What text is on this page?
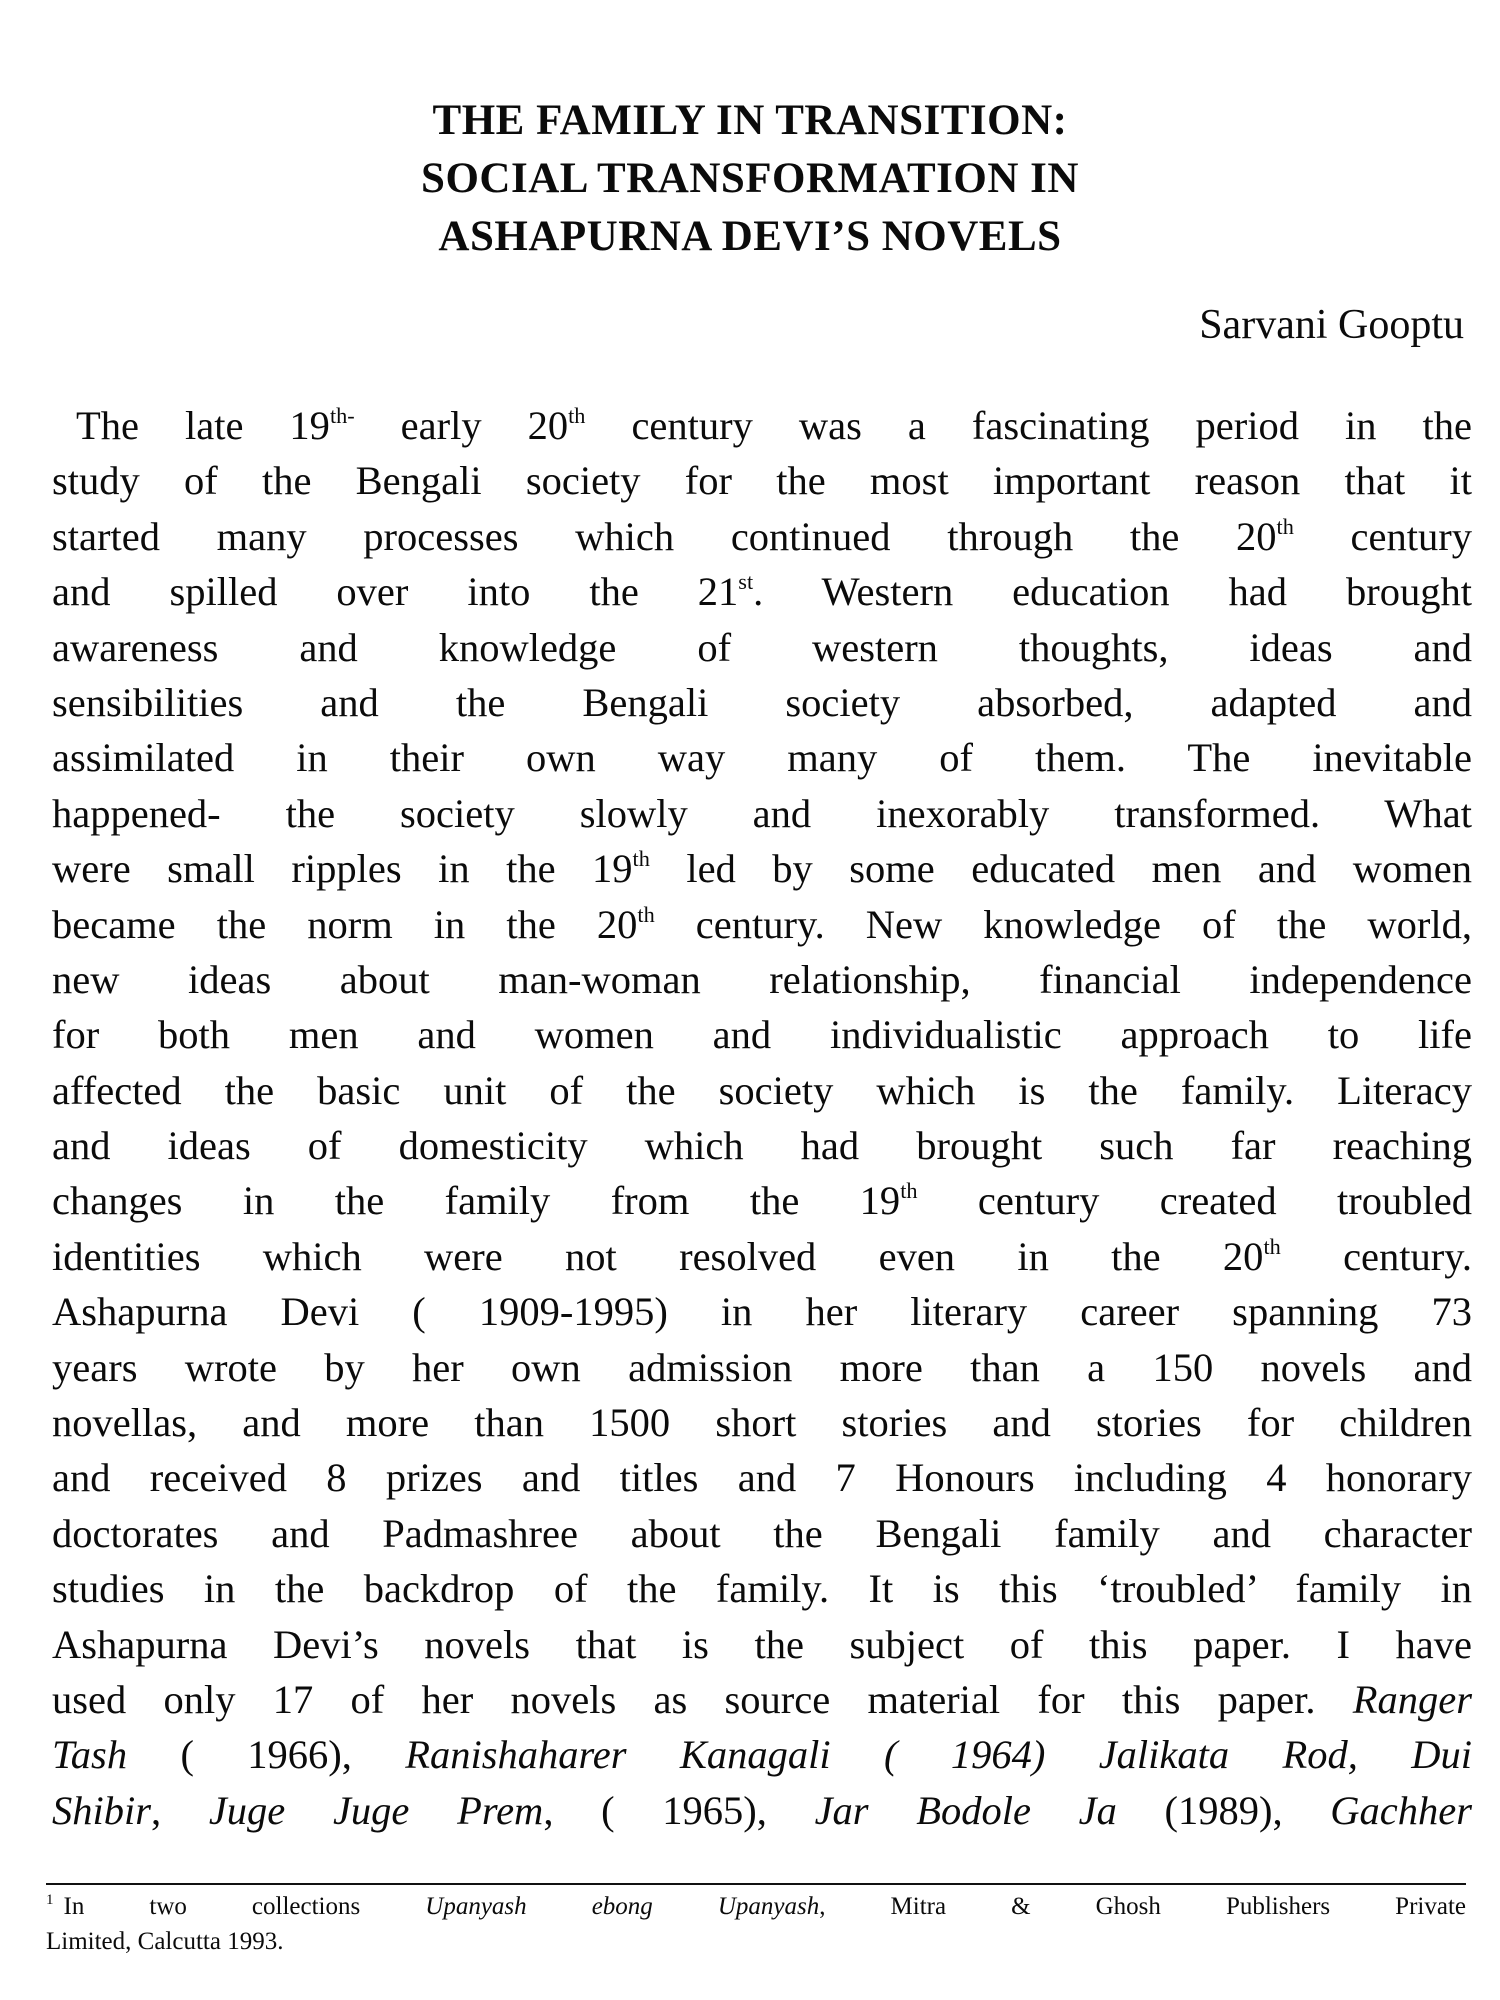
THE FAMILY IN TRANSITION:
SOCIAL TRANSFORMATION IN
ASHAPURNA DEVI’S NOVELS
Sarvani Gooptu
The late $19^{th-}$ early 20th century was a fascinating period in the
study of the Bengali society for the most important reason that it
started many processes which continued through the 20th century
and spilled over into the 21st. Western education had brought
awareness and knowledge of western thoughts, ideas and
sensibilities and the Bengali society absorbed, adapted and
assimilated in their own way many of them. The inevitable
happened- the society slowly and inexorably transformed. What
were small ripples in the 19th led by some educated men and women
became the norm in the 20th century. New knowledge of the world,
new ideas about man-woman relationship, financial independence
for both men and women and individualistic approach to life
affected the basic unit of the society which is the family. Literacy
and ideas of domesticity which had brought such far reaching
changes in the family from the 19th century created troubled
identities which were not resolved even in the 20th century.
Ashapurna Devi ( 1909-1995) in her literary career spanning 73
years wrote by her own admission more than a 150 novels and
novellas, and more than 1500 short stories and stories for children
and received 8 prizes and titles and 7 Honours including 4 honorary
doctorates and Padmashree about the Bengali family and character
studies in the backdrop of the family. It is this ‘troubled’ family in
Ashapurna Devi’s novels that is the subject of this paper. I have
used only 17 of her novels as source material for this paper. Ranger
Tash ( 1966), Ranishaharer Kanagali ( 1964) Jalikata Rod, Dui
Shibir, Juge Juge Prem, ( 1965), Jar Bodole Ja (1989), Gachher
$^1$ In two collections Upanyash ebong Upanyash, Mitra & Ghosh Publishers Private
Limited, Calcutta 1993.
